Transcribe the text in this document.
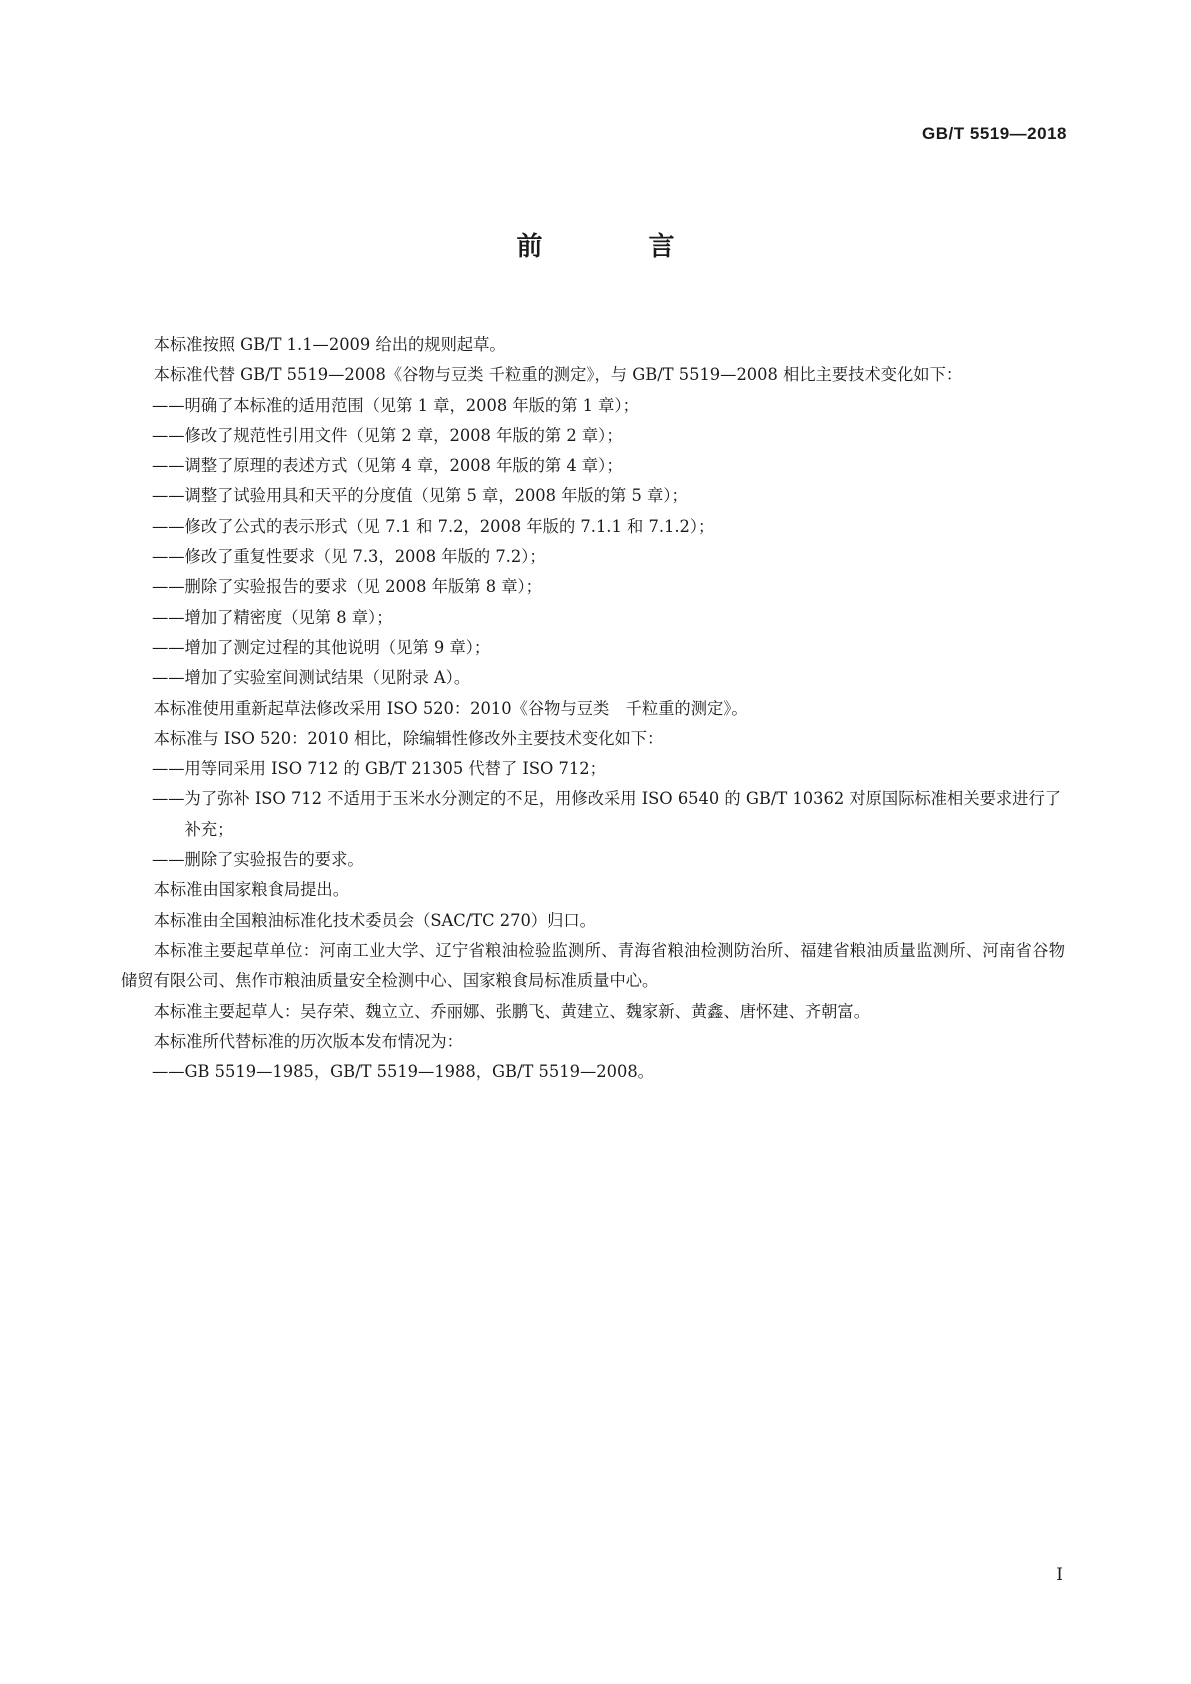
GB/T 5519—2018
前　言

本标准按照 GB/T 1.1—2009 给出的规则起草。

本标准代替 GB/T 5519—2008《谷物与豆类 千粒重的测定》，与 GB/T 5519—2008 相比主要技术变化如下：

——明确了本标准的适用范围（见第 1 章，2008 年版的第 1 章）；

——修改了规范性引用文件（见第 2 章，2008 年版的第 2 章）；

——调整了原理的表述方式（见第 4 章，2008 年版的第 4 章）；

——调整了试验用具和天平的分度值（见第 5 章，2008 年版的第 5 章）；

——修改了公式的表示形式（见 7.1 和 7.2，2008 年版的 7.1.1 和 7.1.2）；

——修改了重复性要求（见 7.3，2008 年版的 7.2）；

——删除了实验报告的要求（见 2008 年版第 8 章）；

——增加了精密度（见第 8 章）；

——增加了测定过程的其他说明（见第 9 章）；

——增加了实验室间测试结果（见附录 A）。

本标准使用重新起草法修改采用 ISO 520：2010《谷物与豆类　千粒重的测定》。

本标准与 ISO 520：2010 相比，除编辑性修改外主要技术变化如下：

——用等同采用 ISO 712 的 GB/T 21305 代替了 ISO 712；

——为了弥补 ISO 712 不适用于玉米水分测定的不足，用修改采用 ISO 6540 的 GB/T 10362 对原国际标准相关要求进行了补充；

——删除了实验报告的要求。

本标准由国家粮食局提出。

本标准由全国粮油标准化技术委员会（SAC/TC 270）归口。

本标准主要起草单位：河南工业大学、辽宁省粮油检验监测所、青海省粮油检测防治所、福建省粮油质量监测所、河南省谷物储贸有限公司、焦作市粮油质量安全检测中心、国家粮食局标准质量中心。

本标准主要起草人：吴存荣、魏立立、乔丽娜、张鹏飞、黄建立、魏家新、黄鑫、唐怀建、齐朝富。

本标准所代替标准的历次版本发布情况为：

——GB 5519—1985，GB/T 5519—1988，GB/T 5519—2008。

I
